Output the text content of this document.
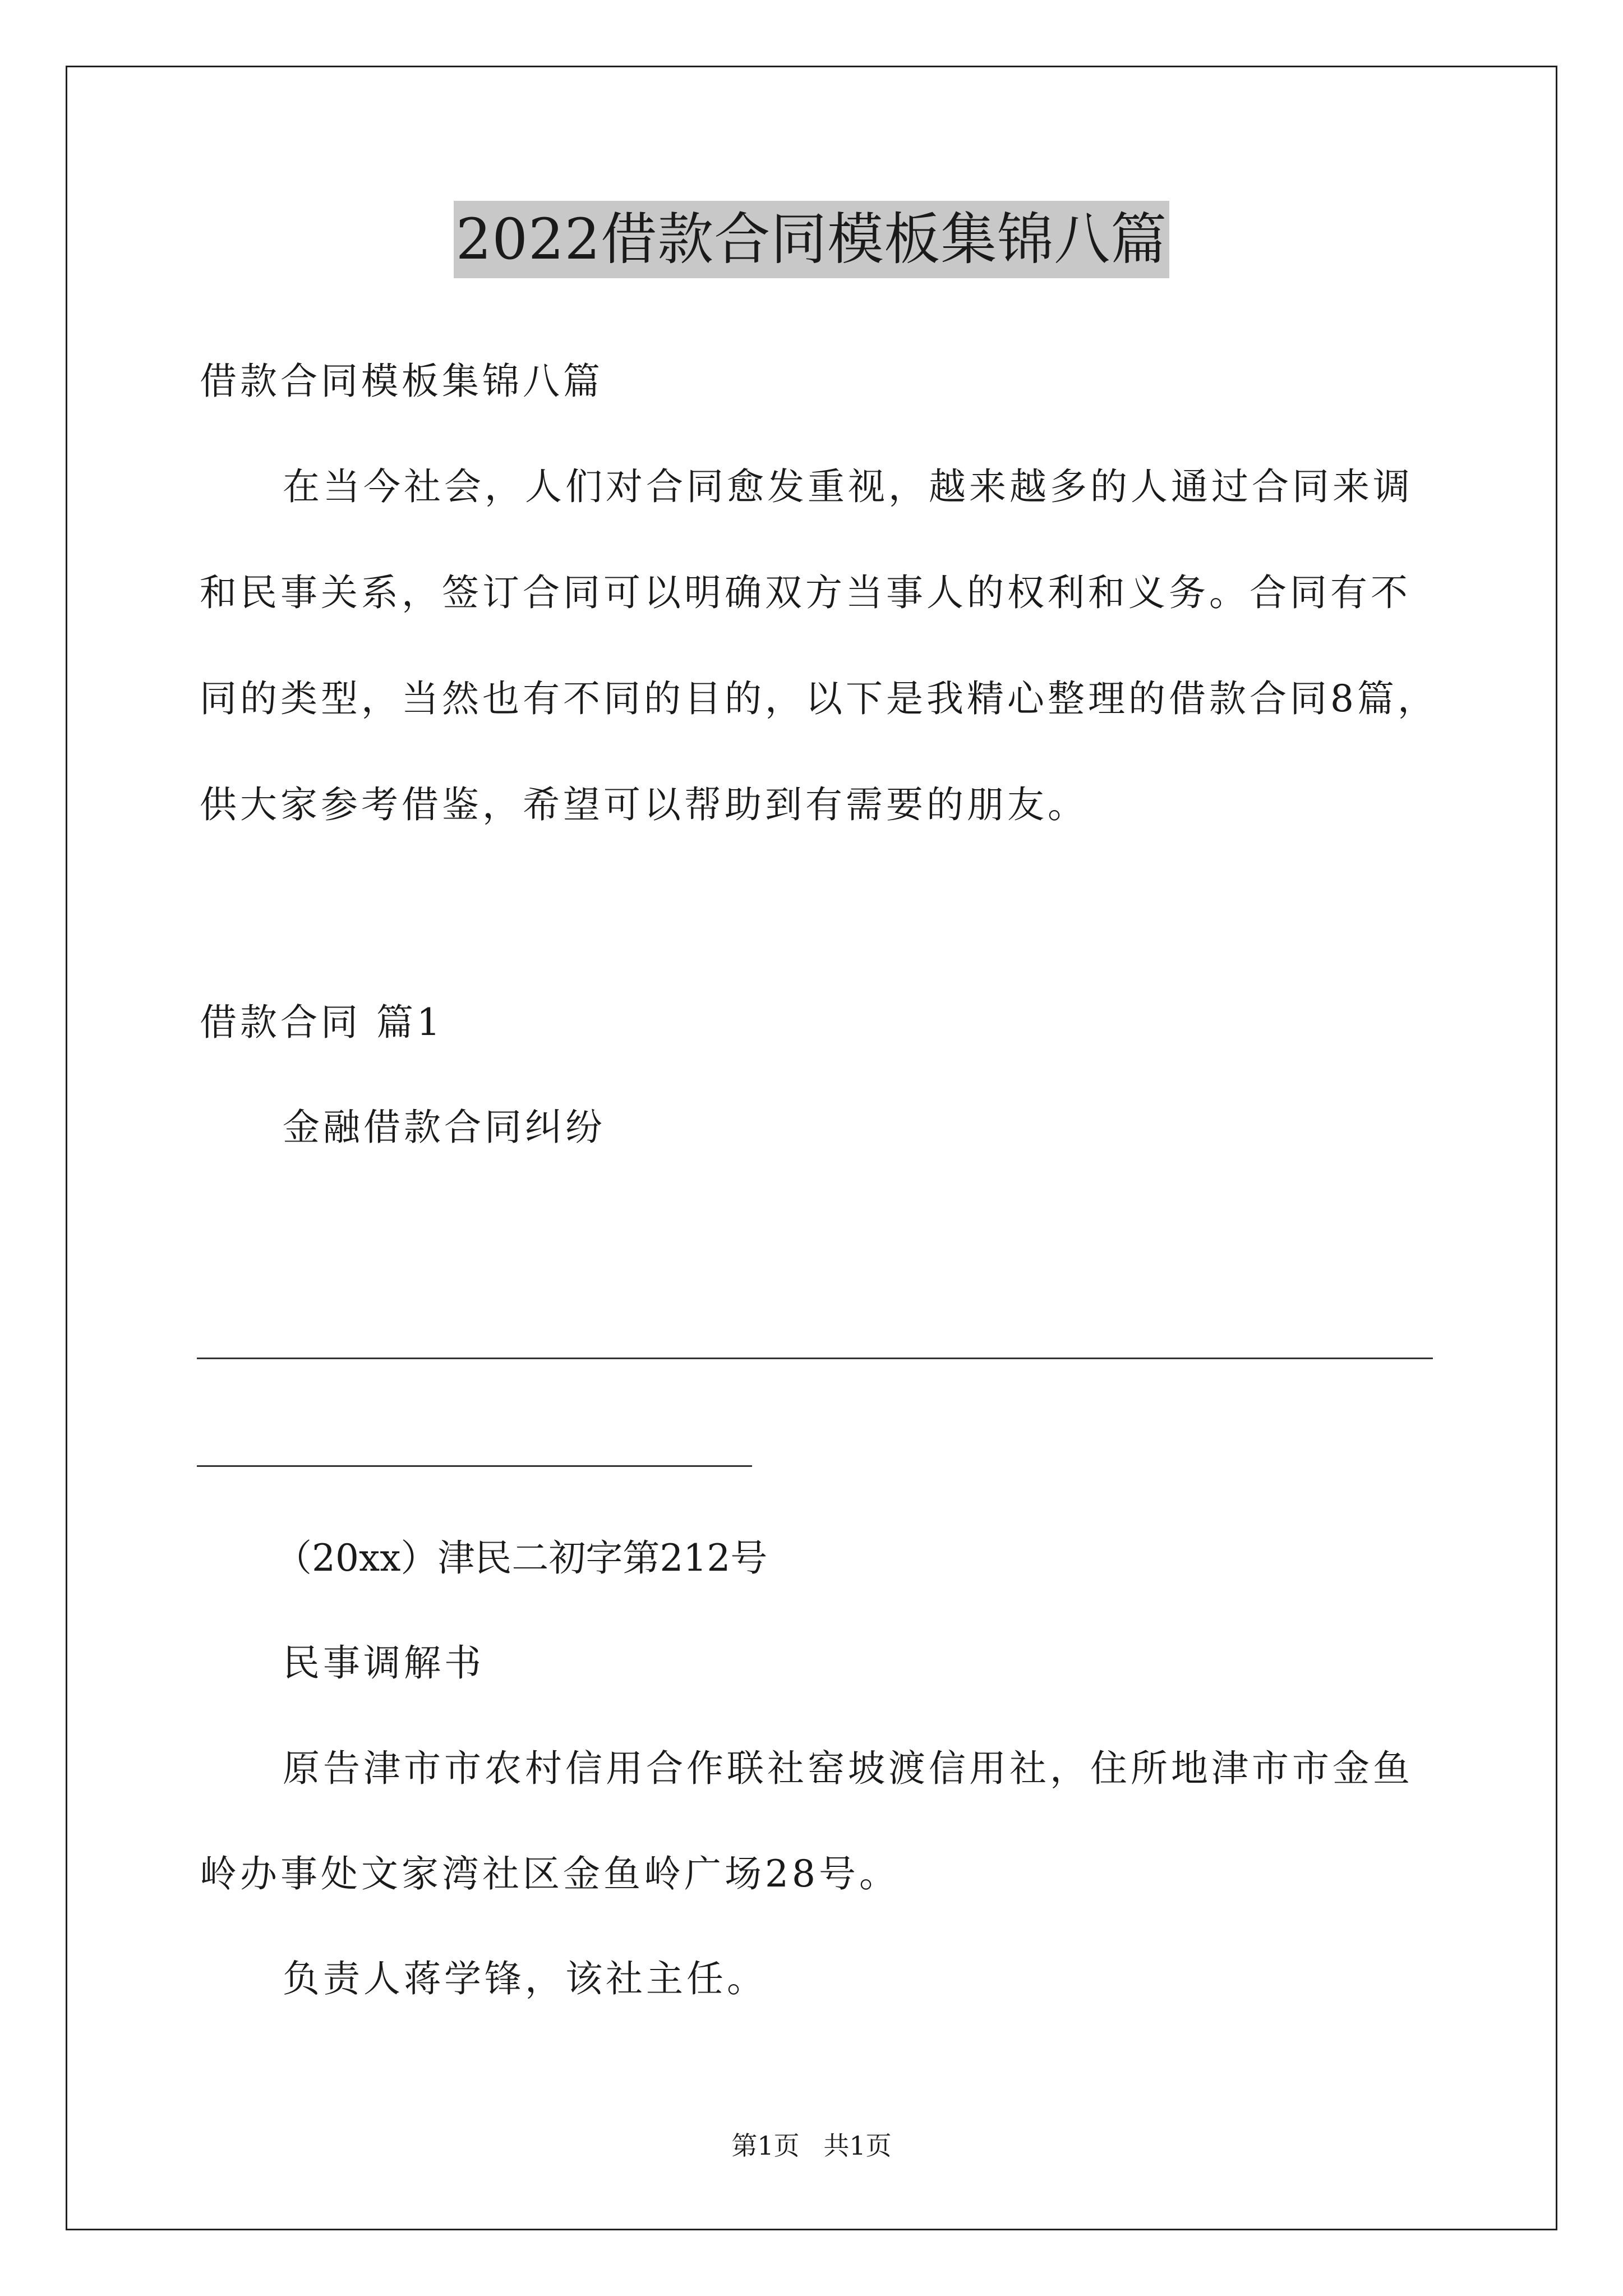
2022借款合同模板集锦八篇
借款合同模板集锦八篇
在当今社会，人们对合同愈发重视，越来越多的人通过合同来调
和民事关系，签订合同可以明确双方当事人的权利和义务。合同有不
同的类型，当然也有不同的目的，以下是我精心整理的借款合同8篇，
供大家参考借鉴，希望可以帮助到有需要的朋友。
借款合同 篇1
金融借款合同纠纷
（20xx）津民二初字第212号
民事调解书
原告津市市农村信用合作联社窑坡渡信用社，住所地津市市金鱼
岭办事处文家湾社区金鱼岭广场28号。
负责人蒋学锋，该社主任。
第1页 共1页
